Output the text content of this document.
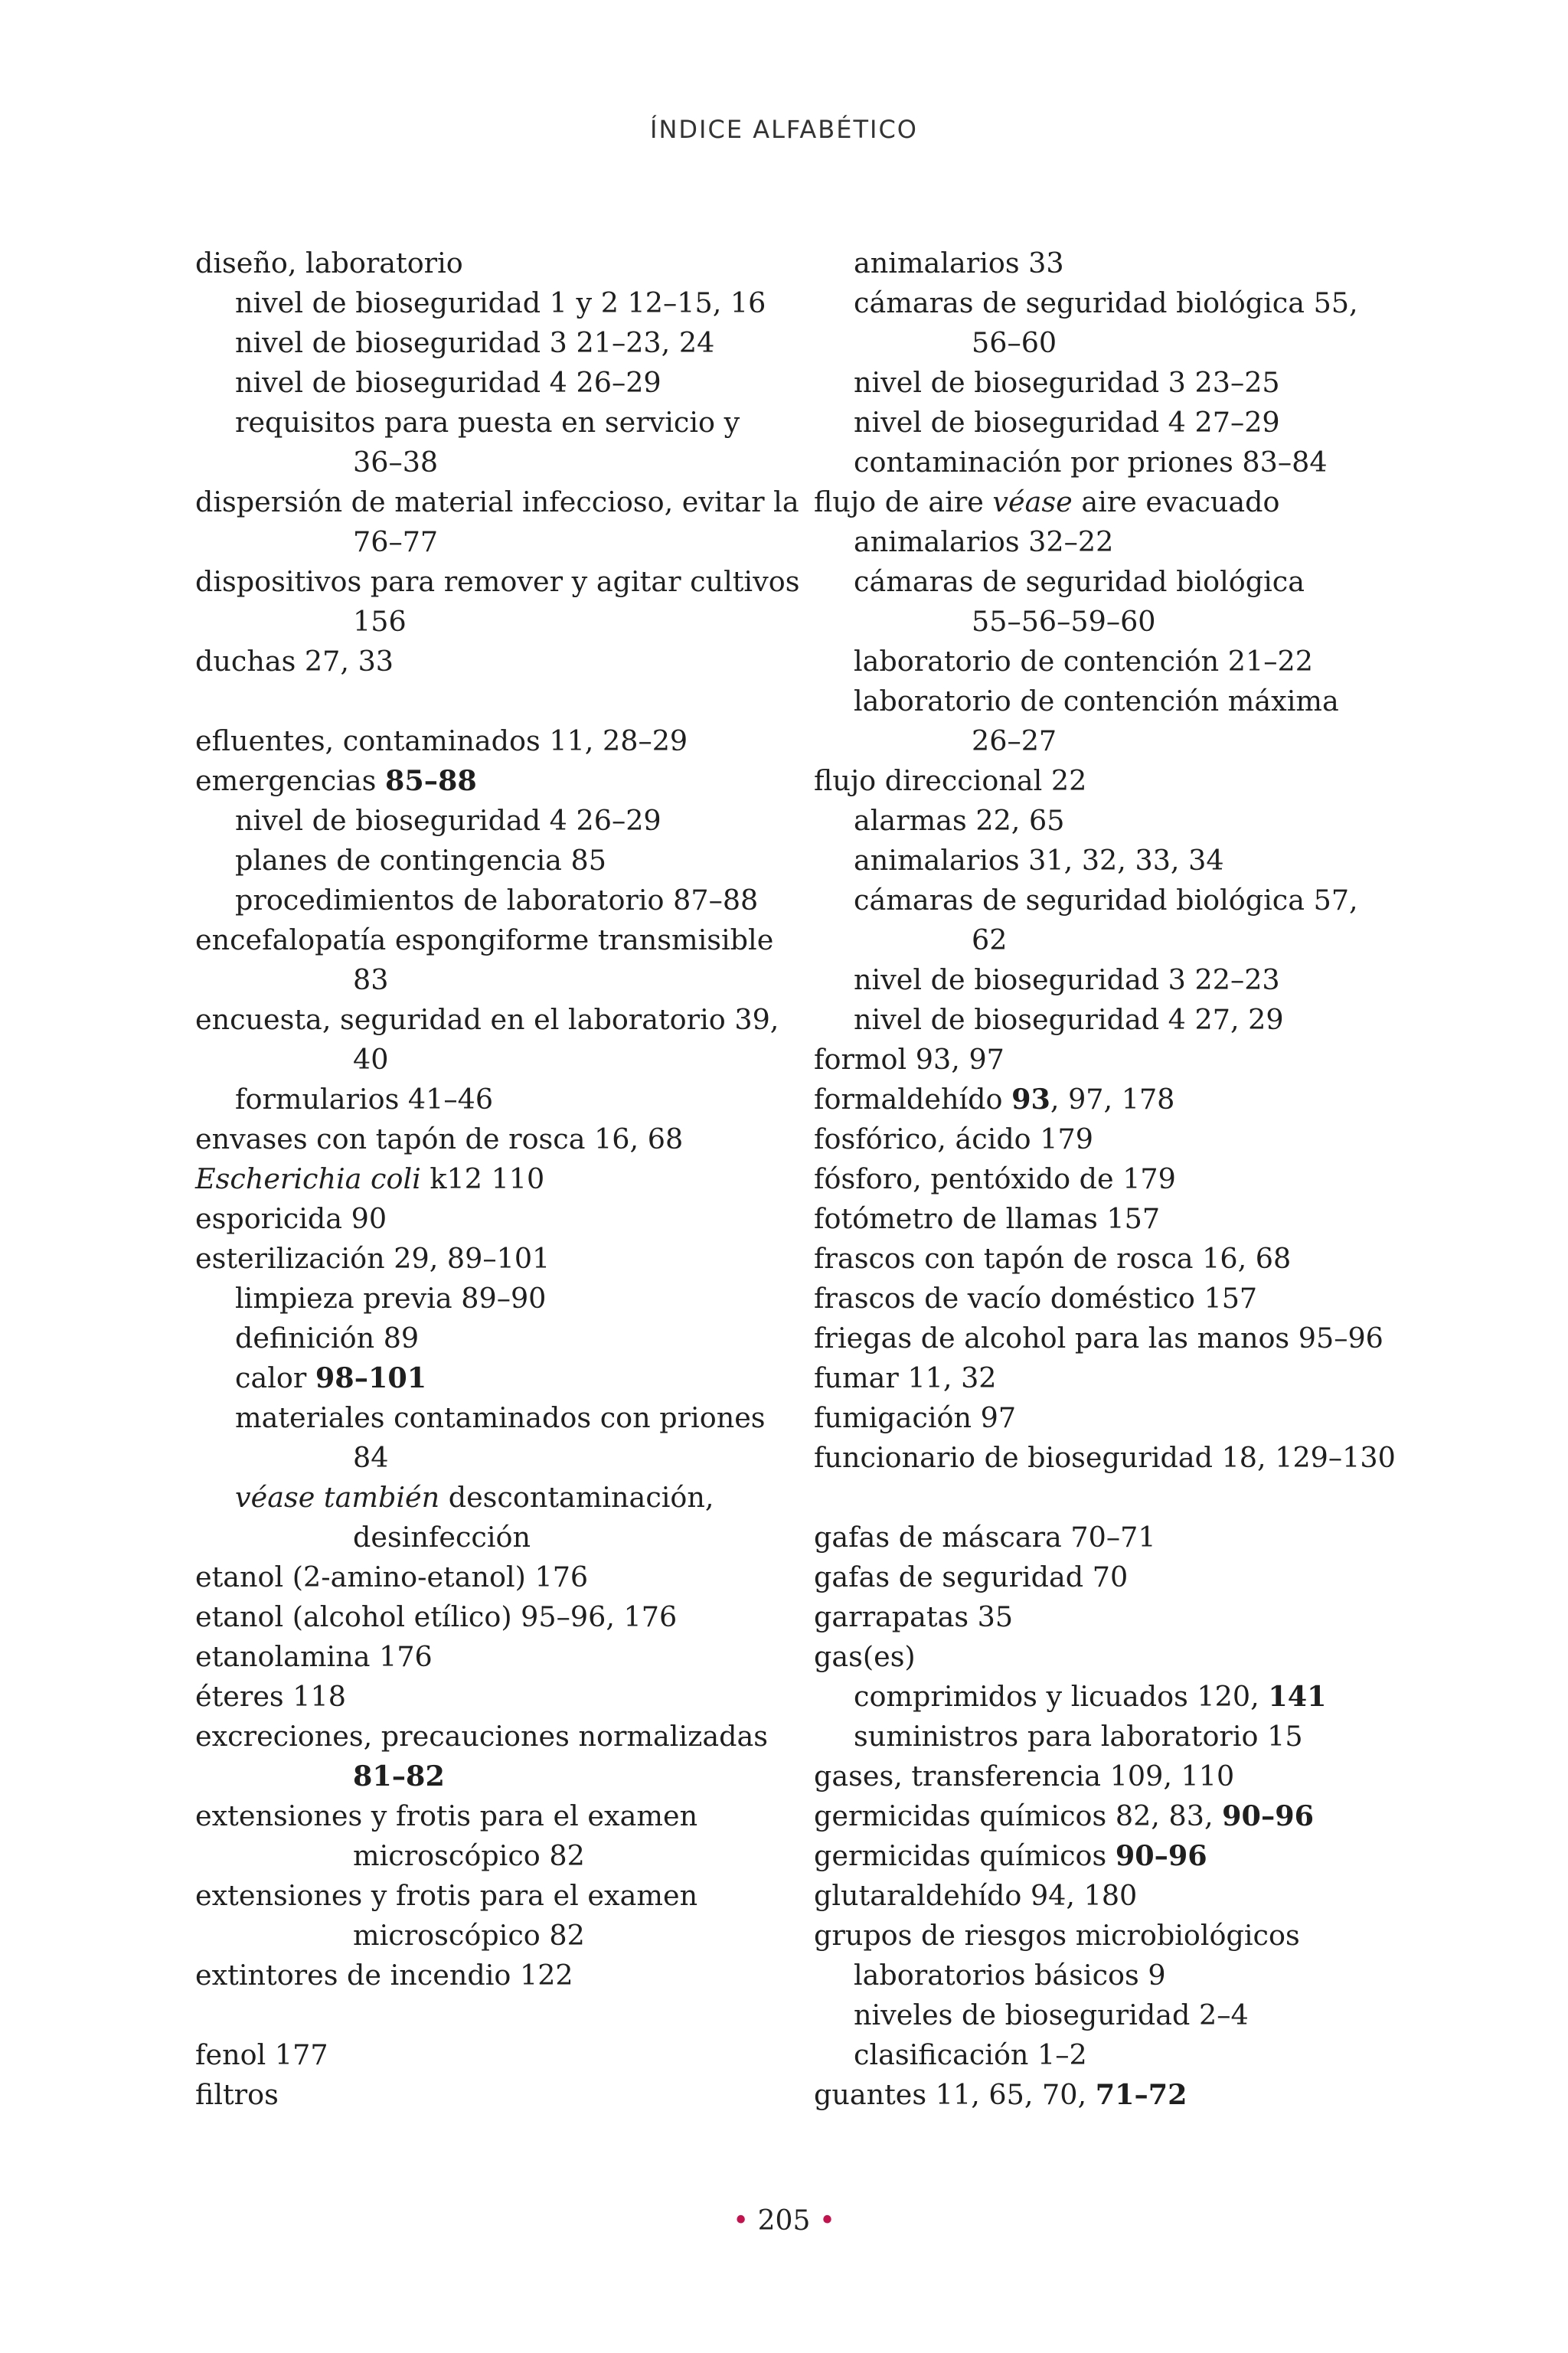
ÍNDICE ALFABÉTICO
diseño, laboratorio
nivel de bioseguridad 1 y 2 12–15, 16
nivel de bioseguridad 3 21–23, 24
nivel de bioseguridad 4 26–29
requisitos para puesta en servicio y
36–38
dispersión de material infeccioso, evitar la
76–77
dispositivos para remover y agitar cultivos
156
duchas 27, 33
efluentes, contaminados 11, 28–29
emergencias 85–88
nivel de bioseguridad 4 26–29
planes de contingencia 85
procedimientos de laboratorio 87–88
encefalopatía espongiforme transmisible
83
encuesta, seguridad en el laboratorio 39,
40
formularios 41–46
envases con tapón de rosca 16, 68
Escherichia coli k12 110
esporicida 90
esterilización 29, 89–101
limpieza previa 89–90
definición 89
calor 98–101
materiales contaminados con priones
84
véase también descontaminación,
desinfección
etanol (2-amino-etanol) 176
etanol (alcohol etílico) 95–96, 176
etanolamina 176
éteres 118
excreciones, precauciones normalizadas
81–82
extensiones y frotis para el examen
microscópico 82
extensiones y frotis para el examen
microscópico 82
extintores de incendio 122
fenol 177
filtros
animalarios 33
cámaras de seguridad biológica 55,
56–60
nivel de bioseguridad 3 23–25
nivel de bioseguridad 4 27–29
contaminación por priones 83–84
flujo de aire véase aire evacuado
animalarios 32–22
cámaras de seguridad biológica
55–56–59–60
laboratorio de contención 21–22
laboratorio de contención máxima
26–27
flujo direccional 22
alarmas 22, 65
animalarios 31, 32, 33, 34
cámaras de seguridad biológica 57,
62
nivel de bioseguridad 3 22–23
nivel de bioseguridad 4 27, 29
formol 93, 97
formaldehído 93, 97, 178
fosfórico, ácido 179
fósforo, pentóxido de 179
fotómetro de llamas 157
frascos con tapón de rosca 16, 68
frascos de vacío doméstico 157
friegas de alcohol para las manos 95–96
fumar 11, 32
fumigación 97
funcionario de bioseguridad 18, 129–130
gafas de máscara 70–71
gafas de seguridad 70
garrapatas 35
gas(es)
comprimidos y licuados 120, 141
suministros para laboratorio 15
gases, transferencia 109, 110
germicidas químicos 82, 83, 90–96
germicidas químicos 90–96
glutaraldehído 94, 180
grupos de riesgos microbiológicos
laboratorios básicos 9
niveles de bioseguridad 2–4
clasificación 1–2
guantes 11, 65, 70, 71–72
• 205 •
